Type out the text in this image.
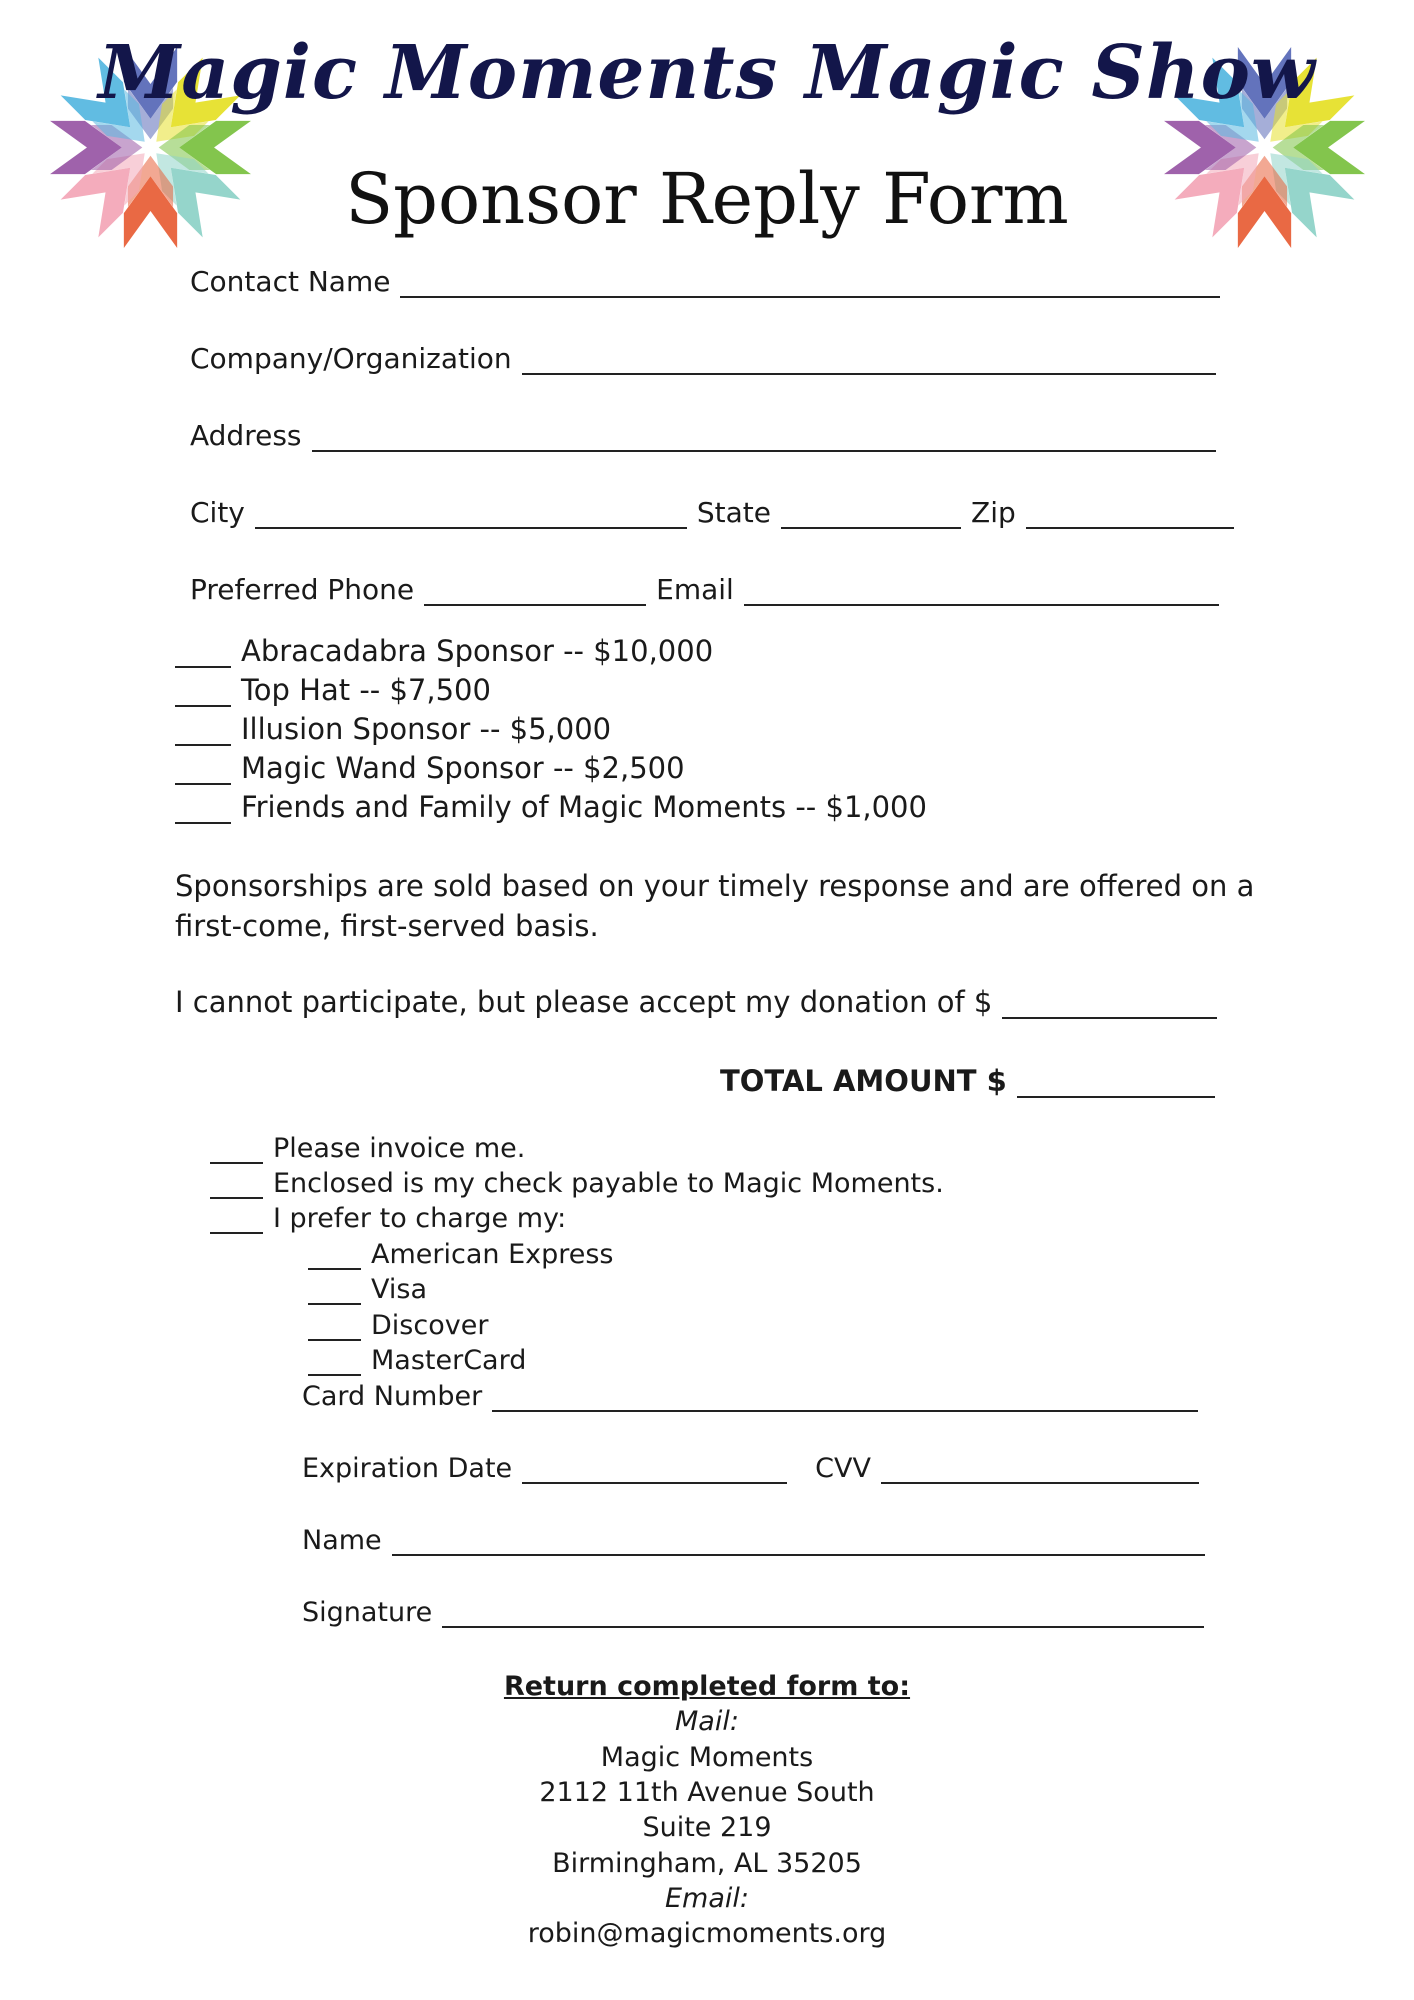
Magic Moments Magic Show
Sponsor Reply Form
Contact Name
Company/Organization
Address
City	State	Zip
Preferred Phone	Email
Abracadabra Sponsor -- $10,000
Top Hat -- $7,500
Illusion Sponsor -- $5,000
Magic Wand Sponsor -- $2,500
Friends and Family of Magic Moments -- $1,000
Sponsorships are sold based on your timely response and are offered on a first-come, first-served basis.
I cannot participate, but please accept my donation of $
TOTAL AMOUNT $
Please invoice me.
Enclosed is my check payable to Magic Moments.
I prefer to charge my:
American Express
Visa
Discover
MasterCard
Card Number
Expiration Date	CVV
Name
Signature
Return completed form to:
Mail:
Magic Moments
2112 11th Avenue South
Suite 219
Birmingham, AL 35205
Email:
robin@magicmoments.org
